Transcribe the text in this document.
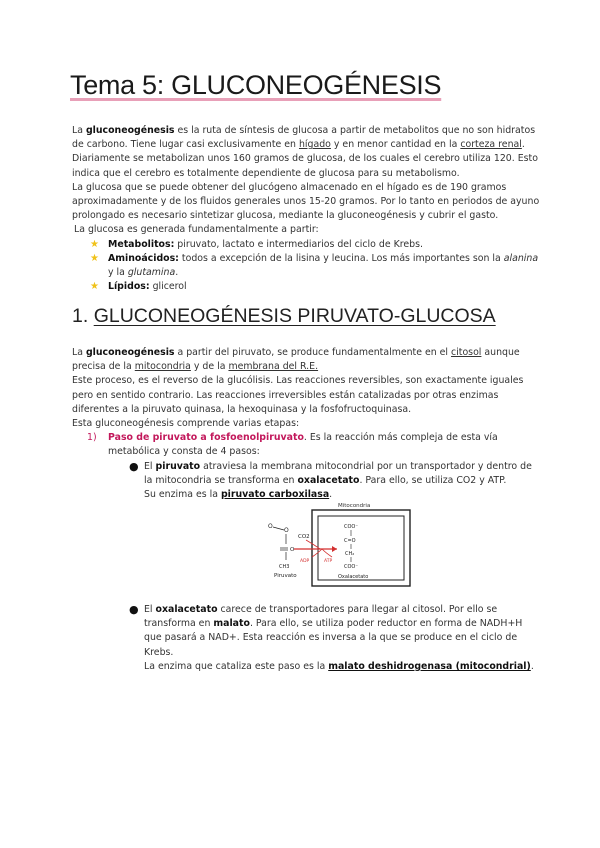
Tema 5: GLUCONEOGÉNESIS

La gluconeogénesis es la ruta de síntesis de glucosa a partir de metabolitos que no son hidratos de carbono. Tiene lugar casi exclusivamente en hígado y en menor cantidad en la corteza renal. Diariamente se metabolizan unos 160 gramos de glucosa, de los cuales el cerebro utiliza 120. Esto indica que el cerebro es totalmente dependiente de glucosa para su metabolismo.

La glucosa que se puede obtener del glucógeno almacenado en el hígado es de 190 gramos aproximadamente y de los fluidos generales unos 15-20 gramos. Por lo tanto en periodos de ayuno prolongado es necesario sintetizar glucosa, mediante la gluconeogénesis y cubrir el gasto.

La glucosa es generada fundamentalmente a partir:

★ Metabolitos: piruvato, lactato e intermediarios del ciclo de Krebs.
★ Aminoácidos: todos a excepción de la lisina y leucina. Los más importantes son la alanina y la glutamina.
★ Lípidos: glicerol
1. GLUCONEOGÉNESIS PIRUVATO-GLUCOSA

La gluconeogénesis a partir del piruvato, se produce fundamentalmente en el citosol aunque precisa de la mitocondria y de la membrana del R.E.

Este proceso, es el reverso de la glucólisis. Las reacciones reversibles, son exactamente iguales pero en sentido contrario. Las reacciones irreversibles están catalizadas por otras enzimas diferentes a la piruvato quinasa, la hexoquinasa y la fosfofructoquinasa.

Esta gluconeogénesis comprende varias etapas:

1) Paso de piruvato a fosfoenolpiruvato. Es la reacción más compleja de esta vía metabólica y consta de 4 pasos:
● El piruvato atraviesa la membrana mitocondrial por un transportador y dentro de la mitocondria se transforma en oxalacetato. Para ello, se utiliza CO2 y ATP.
Su enzima es la piruvato carboxilasa.
Mitocondria
O
O
O
CH3
Piruvato
CO2
ADP	ATP
COO⁻
C=O
CH₂
COO⁻
Oxalacetato
● El oxalacetato carece de transportadores para llegar al citosol. Por ello se transforma en malato. Para ello, se utiliza poder reductor en forma de NADH+H que pasará a NAD+. Esta reacción es inversa a la que se produce en el ciclo de Krebs.
La enzima que cataliza este paso es la malato deshidrogenasa (mitocondrial).
